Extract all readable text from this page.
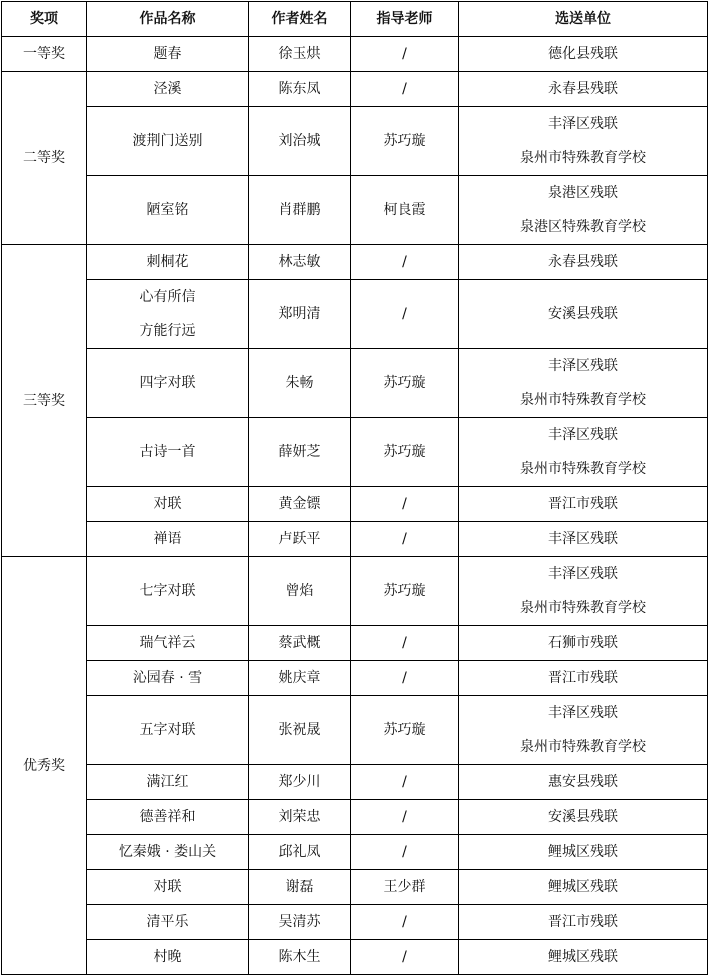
奖项	作品名称	作者姓名	指导老师	选送单位
一等奖	题春	徐玉烘	/	德化县残联

二等奖	泾溪	陈东凤	/	永春县残联

	渡荆门送别	刘治城	苏巧璇	丰泽区残联
泉州市特殊教育学校

	陋室铭	肖群鹏	柯良霞	泉港区残联
泉港区特殊教育学校

三等奖	刺桐花	林志敏	/	永春县残联

	心有所信
方能行远	郑明清	/	安溪县残联

	四字对联	朱畅	苏巧璇	丰泽区残联
泉州市特殊教育学校

	古诗一首	薛妍芝	苏巧璇	丰泽区残联
泉州市特殊教育学校

	对联	黄金镖	/	晋江市残联

	禅语	卢跃平	/	丰泽区残联

优秀奖	七字对联	曾焰	苏巧璇	丰泽区残联
泉州市特殊教育学校

	瑞气祥云	蔡武概	/	石狮市残联

	沁园春 · 雪	姚庆章	/	晋江市残联

	五字对联	张祝晟	苏巧璇	丰泽区残联
泉州市特殊教育学校

	满江红	郑少川	/	惠安县残联

	德善祥和	刘荣忠	/	安溪县残联

	忆秦娥 · 娄山关	邱礼凤	/	鲤城区残联

	对联	谢磊	王少群	鲤城区残联

	清平乐	吴清苏	/	晋江市残联

	村晚	陈木生	/	鲤城区残联
